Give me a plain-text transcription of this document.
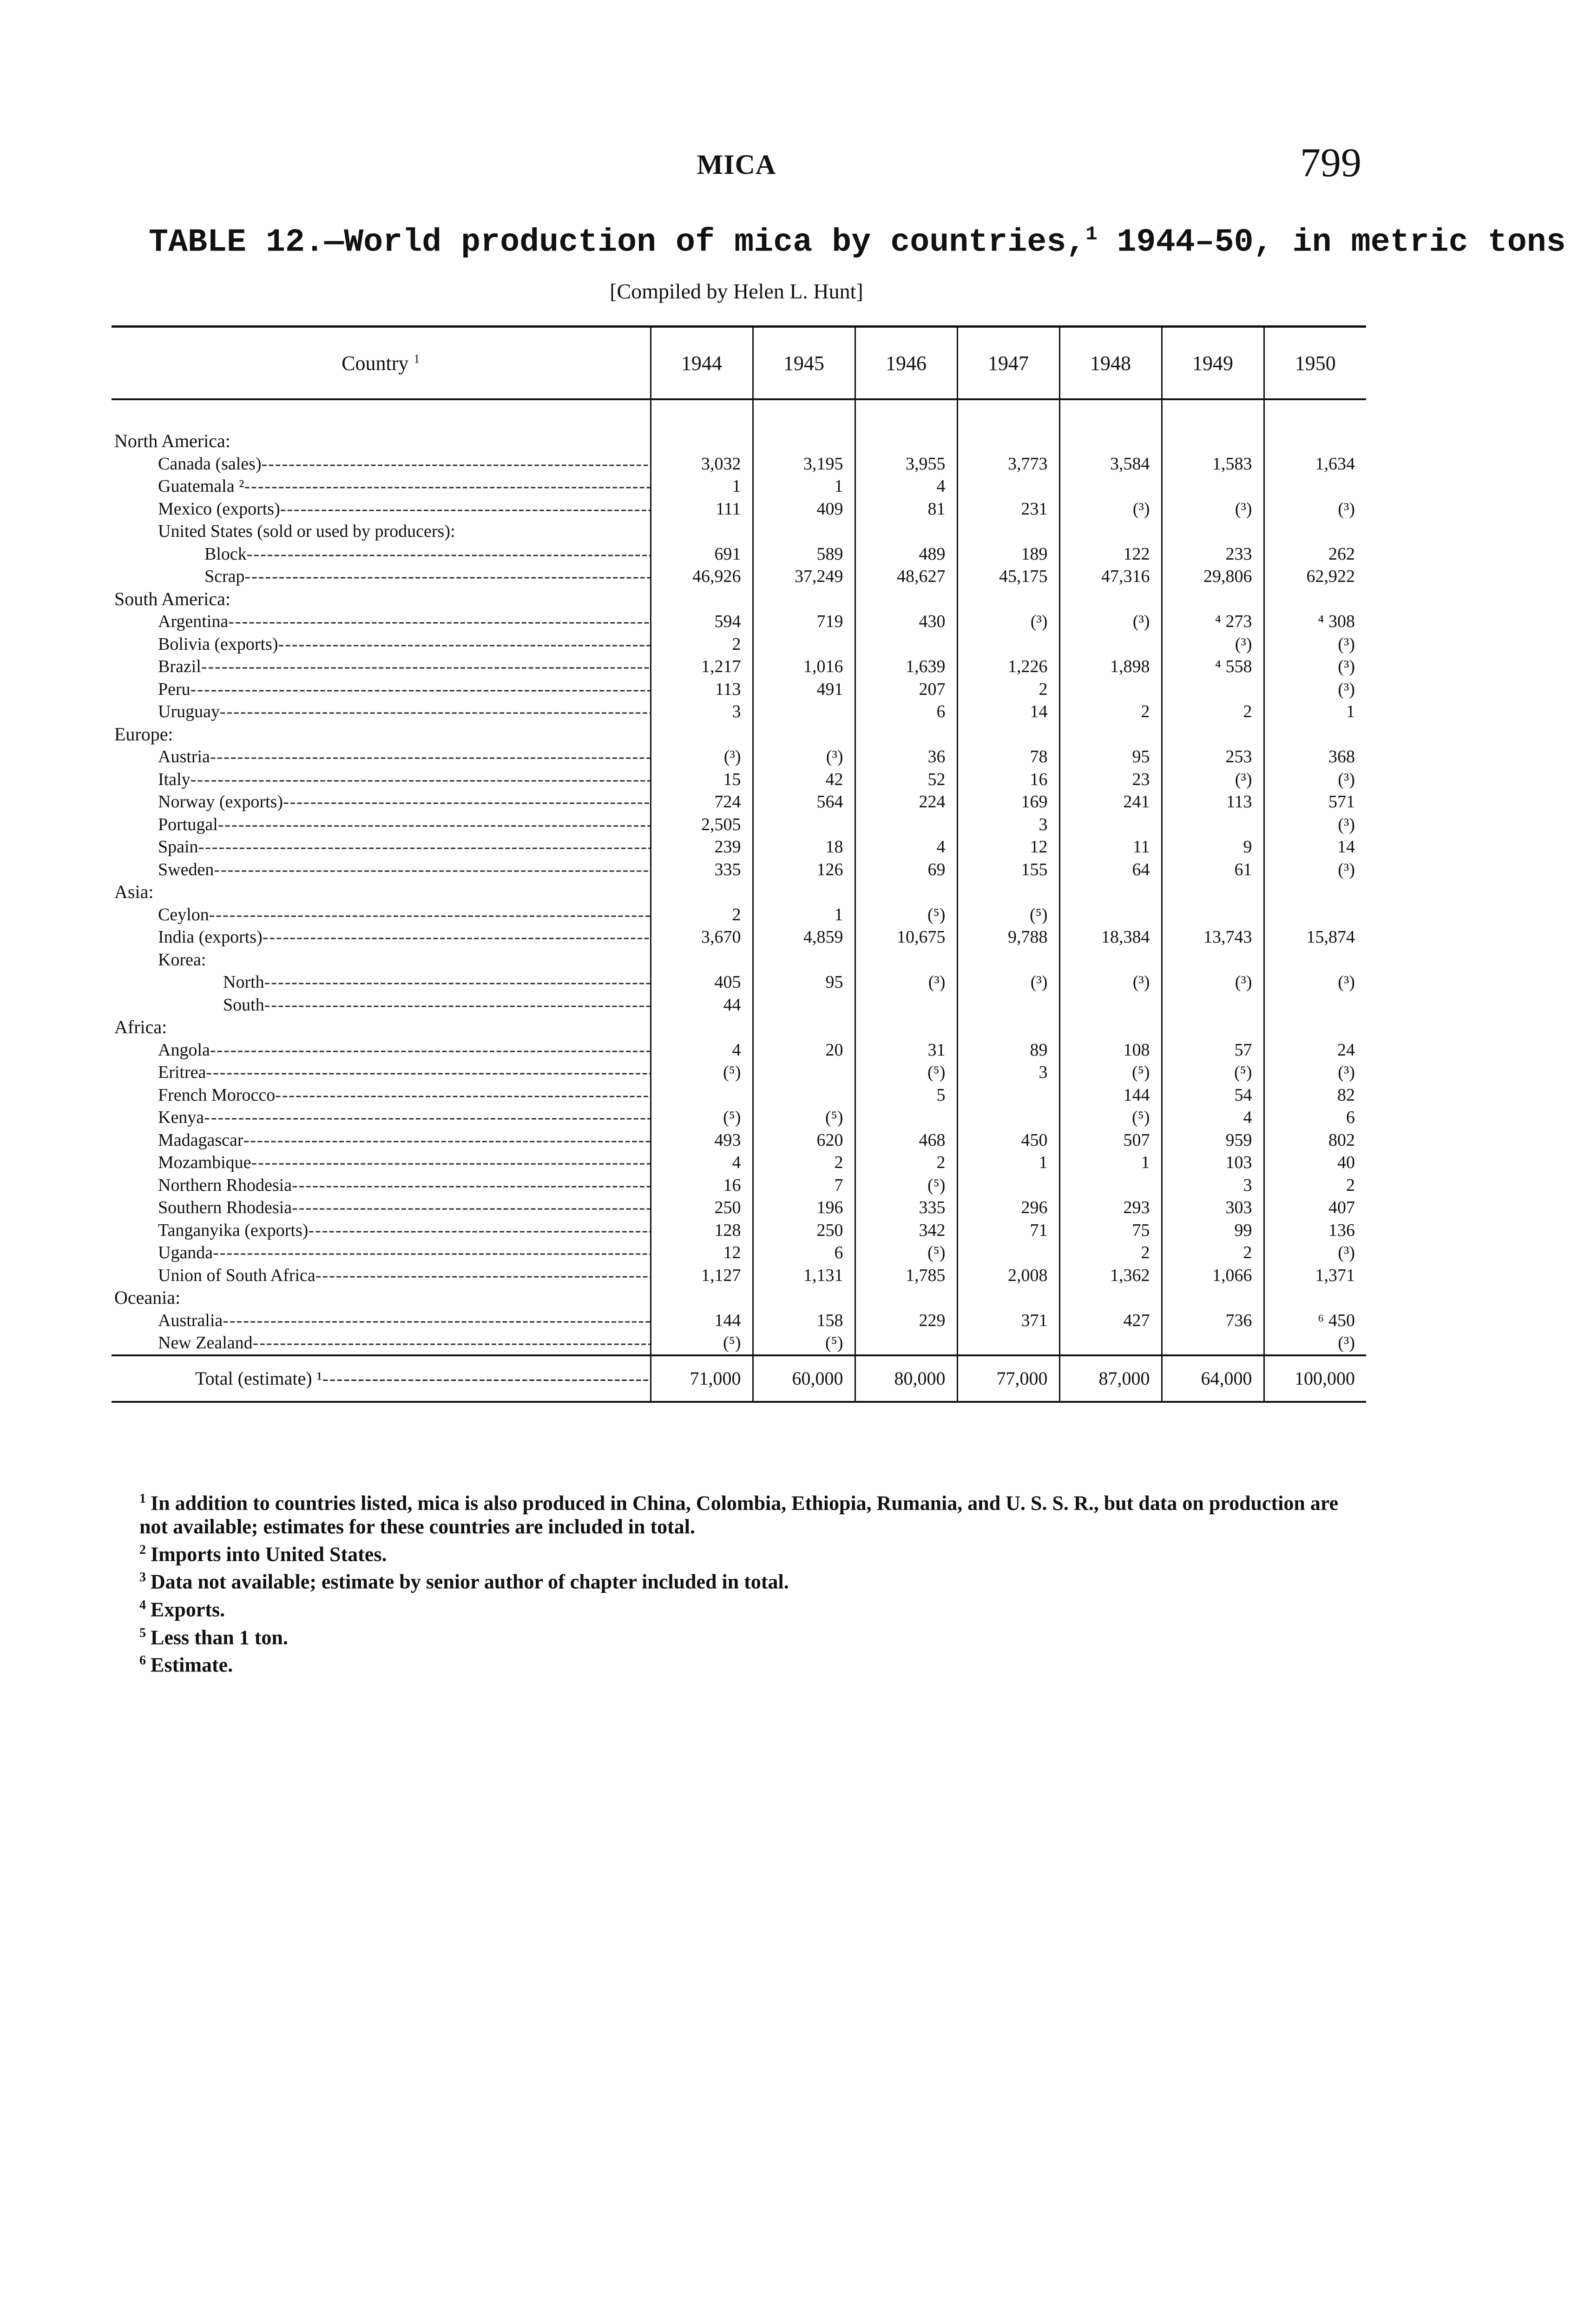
MICA	799
TABLE 12.—World production of mica by countries,$^1$ 1944–50, in metric tons
[Compiled by Helen L. Hunt]
Country $^1$	1944	1945	1946	1947	1948	1949	1950

North America:							
Canada (sales) -----	3,032	3,195	3,955	3,773	3,584	1,583	1,634
Guatemala ² -----	1	1	4				
Mexico (exports) -----	111	409	81	231	(³)	(³)	(³)
United States (sold or used by producers):							
Block -----	691	589	489	189	122	233	262
Scrap -----	46,926	37,249	48,627	45,175	47,316	29,806	62,922
South America:							
Argentina -----	594	719	430	(³)	(³)	⁴ 273	⁴ 308
Bolivia (exports) -----	2					(³)	(³)
Brazil -----	1,217	1,016	1,639	1,226	1,898	⁴ 558	(³)
Peru -----	113	491	207	2			(³)
Uruguay -----	3		6	14	2	2	1
Europe:							
Austria -----	(³)	(³)	36	78	95	253	368
Italy -----	15	42	52	16	23	(³)	(³)
Norway (exports) -----	724	564	224	169	241	113	571
Portugal -----	2,505			3			(³)
Spain -----	239	18	4	12	11	9	14
Sweden -----	335	126	69	155	64	61	(³)
Asia:							
Ceylon -----	2	1	(⁵)	(⁵)			
India (exports) -----	3,670	4,859	10,675	9,788	18,384	13,743	15,874
Korea:							
North -----	405	95	(³)	(³)	(³)	(³)	(³)
South -----	44						
Africa:							
Angola -----	4	20	31	89	108	57	24
Eritrea -----	(⁵)		(⁵)	3	(⁵)	(⁵)	(³)
French Morocco -----			5		144	54	82
Kenya -----	(⁵)	(⁵)			(⁵)	4	6
Madagascar -----	493	620	468	450	507	959	802
Mozambique -----	4	2	2	1	1	103	40
Northern Rhodesia -----	16	7	(⁵)			3	2
Southern Rhodesia -----	250	196	335	296	293	303	407
Tanganyika (exports) -----	128	250	342	71	75	99	136
Uganda -----	12	6	(⁵)		2	2	(³)
Union of South Africa -----	1,127	1,131	1,785	2,008	1,362	1,066	1,371
Oceania:							
Australia -----	144	158	229	371	427	736	⁶ 450
New Zealand -----	(⁵)	(⁵)					(³)
Total (estimate) ¹ -----	71,000	60,000	80,000	77,000	87,000	64,000	100,000

$^1$ In addition to countries listed, mica is also produced in China, Colombia, Ethiopia, Rumania, and U. S. S. R., but data on production are not available; estimates for these countries are included in total.

$^2$ Imports into United States.

$^3$ Data not available; estimate by senior author of chapter included in total.

$^4$ Exports.

$^5$ Less than 1 ton.

$^6$ Estimate.
